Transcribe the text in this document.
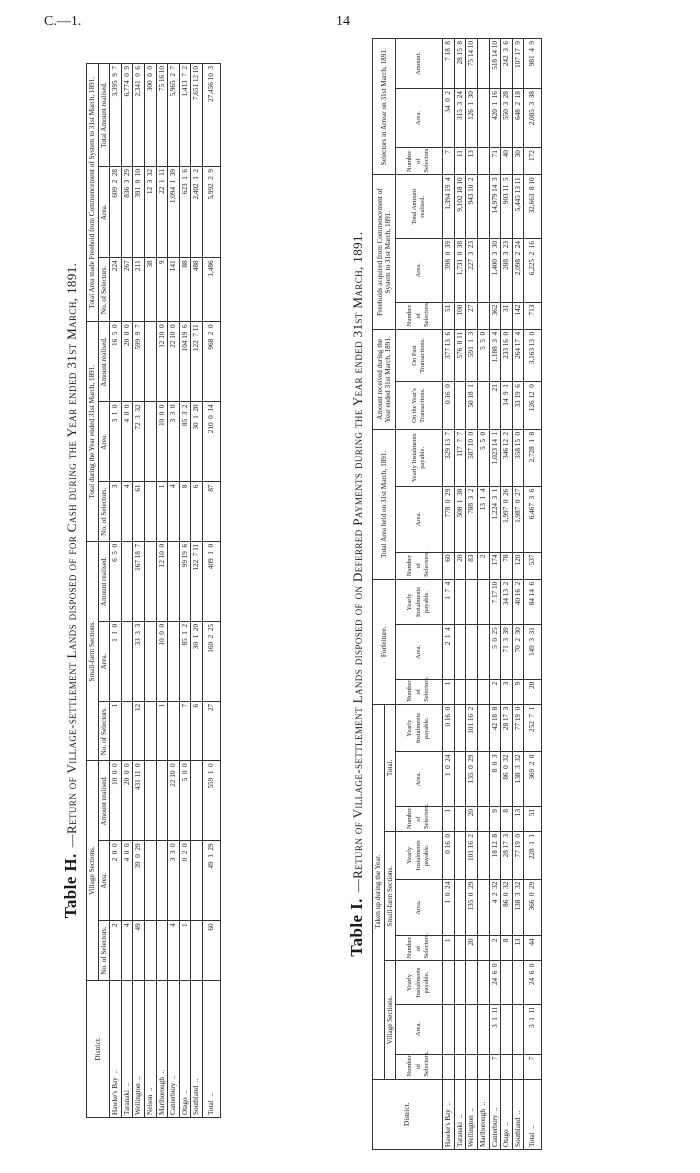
C.—1.	14
Table H.—Return of Village-settlement Lands disposed of for Cash during the Year ended 31st March, 1891.
District.	Village Sections.			Small-farm Sections.			Total during the Year ended 31st March, 1891.			Total Area made Freehold from Commencement of System to 31st March, 1891.		
	No. of Selectors.	Area.	Amount realised.	No. of Selectors.	Area.	Amount realised.	No. of Selectors.	Area.	Amount realised.	No. of Selectors.	Area.	Total Amount realised.
Hawke's Bay  ..	2	2  0  0	10  0  0	1	1  1  0	6  5  0	3	3  1  0	16  5  0	224	609  2  28	3,395  9  7
Taranaki  ..	4	4  0  0	20  0  0				4	4  0  0	20  0  0	267	836  3  29	6,774  0  9
Wellington  ..	49	39  0  29	431 11  0	12	33  3  3	167 18  7	61	72  3  32	599  9  7	211	391  0  10	2,341  0  6
Nelson  ..										38	12  3  32	300  0  0
Marlborough  ..				1	10  0  0	12 10  0	1	10  0  0	12 10  0	9	22  1  11	75 16 10
Canterbury  ..	4	3  3  0	22 10  0				4	3  3  0	22 10  0	141	1,094  1  39	5,965  2  7
Otago  ..	1	0  2  0	5  0  0	7	85  1  2	99 19  6	8	85  3  2	104 19  6	88	623  1  6	1,413  7  2
Southland  ..				6	30  1  20	122  7 11	6	30  1  20	122  7 11	488	2,402  1  2	7,651 12 10
Total  ..	60	49  1  29	559  1  0	27	160  2  25	409  1  0	87	210  0  14	968  2  0	1,486	5,992  2  9	27,456 10  3
Table I.—Return of Village-settlement Lands disposed of on Deferred Payments during the Year ended 31st March, 1891.
District.	Taken up during the Year.									Forfeiture.			Total Area held on 31st March, 1891.			Amount received during the Year ended 31st March, 1891.		Freeholds acquired from Commencement of System to 31st March, 1891.			Selectors in Arrear on 31st March, 1891.		
	Village Sections.			Small-farm Sections.			Total.																
	Number of Selectors.	Area.	Yearly Instalments payable.	Number of Selectors.	Area.	Yearly Instalments payable.	Number of Selectors.	Area.	Yearly Instalments payable.	Number of Selectors.	Area.	Yearly Instalments payable.	Number of Selectors.	Area.	Yearly Instalments payable.	On the Year's Transactions.	On Past Transactions.	Number of Selectors.	Area.	Total Amount realised.	Number of Selectors.	Area.	Amount.
Hawke's Bay  ..				1	1  0  24	0 16  0	1	1  0  24	0 16  0	1	2  1  4	1  7  4	60	778  0  29	329 13  7	0 16  0	377 13  6	51	398  0  39	1,394 19  4	7	34  0  2	7 18  8
Taranaki  ..													20	508  1  38	117  7  7		576  8 11	100	1,731  0  38	9,102 18 10	11	315  3  24	28 15  8
Wellington  ..				20	135  0  29	101 16  2	20	135  0  29	101 16  2				83	788  3  2	587 10  0	50 18  1	591  1  3	27	227  3  23	943 10  2	13	126  1  30	75 14 10
Marlborough  ..													2	13  1  4	5  5  0		5  5  0						
Canterbury  ..	7	3  1  11	24  6  0	2	4  2  32	18 12  8	9	8  0  3	42 18  8	2	5  0  25	7 17 10	174	1,224  3  1	1,023 14  1	21	1,188  3  4	362	1,400  3  30	14,979 14  3	71	420  1  16	518 14 10
Otago  ..				8	86  0  32	28 17  3	8	86  0  32	28 17  3	3	71  3  39	34 13  2	78	1,997  0  26	346 12  2	14  9  1	233 16  0	31	288  3  23	903 11  5	40	550  3  28	242  3  6
Southland  ..				13	138  3  32	77 19  0	13	138  3  32	77 19  0	9	70  2  30	40 16  2	120	1,987  0  27	358 15  0	33 19  6	264 17  4	142	2,098  2  24	5,445 13 11	30	648  2  18	107 17  9
Total  ..	7	3  1  11	24  6  0	44	366  0  29	228  1  1	51	369  2  0	252  7  1	20	149  3  31	84 14  6	537	6,467  3  6	2,728  1  8	126 12  0	3,163 13  0	713	6,225  2  16	32,663  8 10	172	2,085  3  38	981  4  9
